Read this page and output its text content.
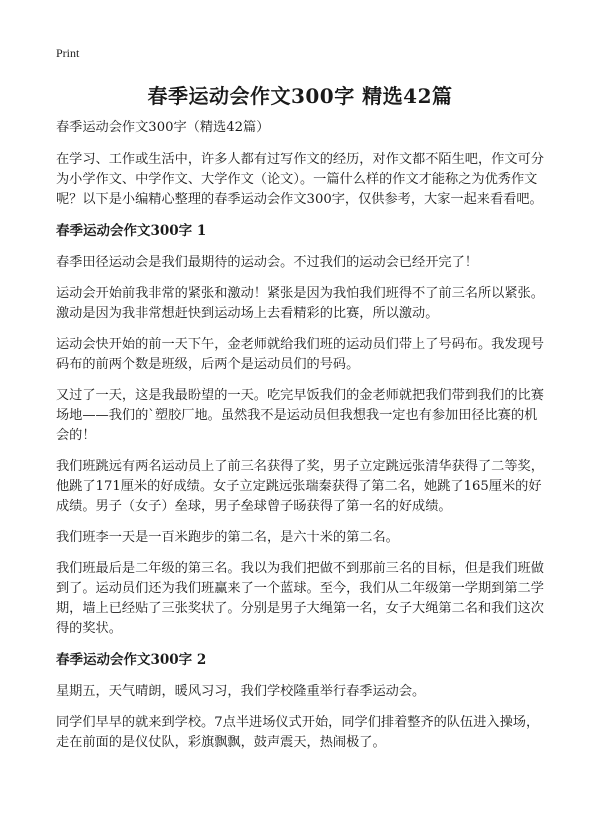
Print
春季运动会作文300字 精选42篇

春季运动会作文300字（精选42篇）

在学习、工作或生活中，许多人都有过写作文的经历，对作文都不陌生吧，作文可分为小学作文、中学作文、大学作文（论文）。一篇什么样的作文才能称之为优秀作文呢？以下是小编精心整理的春季运动会作文300字，仅供参考，大家一起来看看吧。

春季运动会作文300字 1

春季田径运动会是我们最期待的运动会。不过我们的运动会已经开完了！

运动会开始前我非常的紧张和激动！紧张是因为我怕我们班得不了前三名所以紧张。激动是因为我非常想赶快到运动场上去看精彩的比赛，所以激动。

运动会快开始的前一天下午，金老师就给我们班的运动员们带上了号码布。我发现号码布的前两个数是班级，后两个是运动员们的号码。

又过了一天，这是我最盼望的一天。吃完早饭我们的金老师就把我们带到我们的比赛场地——我们的`塑胶厂地。虽然我不是运动员但我想我一定也有参加田径比赛的机会的！

我们班跳远有两名运动员上了前三名获得了奖，男子立定跳远张清华获得了二等奖，他跳了171厘米的好成绩。女子立定跳远张瑞秦获得了第二名，她跳了165厘米的好成绩。男子（女子）垒球，男子垒球曾子旸获得了第一名的好成绩。

我们班李一天是一百米跑步的第二名，是六十米的第二名。

我们班最后是二年级的第三名。我以为我们把做不到那前三名的目标，但是我们班做到了。运动员们还为我们班赢来了一个蓝球。至今，我们从二年级第一学期到第二学期，墙上已经贴了三张奖状了。分别是男子大绳第一名，女子大绳第二名和我们这次得的奖状。

春季运动会作文300字 2

星期五，天气晴朗，暖风习习，我们学校隆重举行春季运动会。

同学们早早的就来到学校。7点半进场仪式开始，同学们排着整齐的队伍进入操场，走在前面的是仪仗队，彩旗飘飘，鼓声震天，热闹极了。
